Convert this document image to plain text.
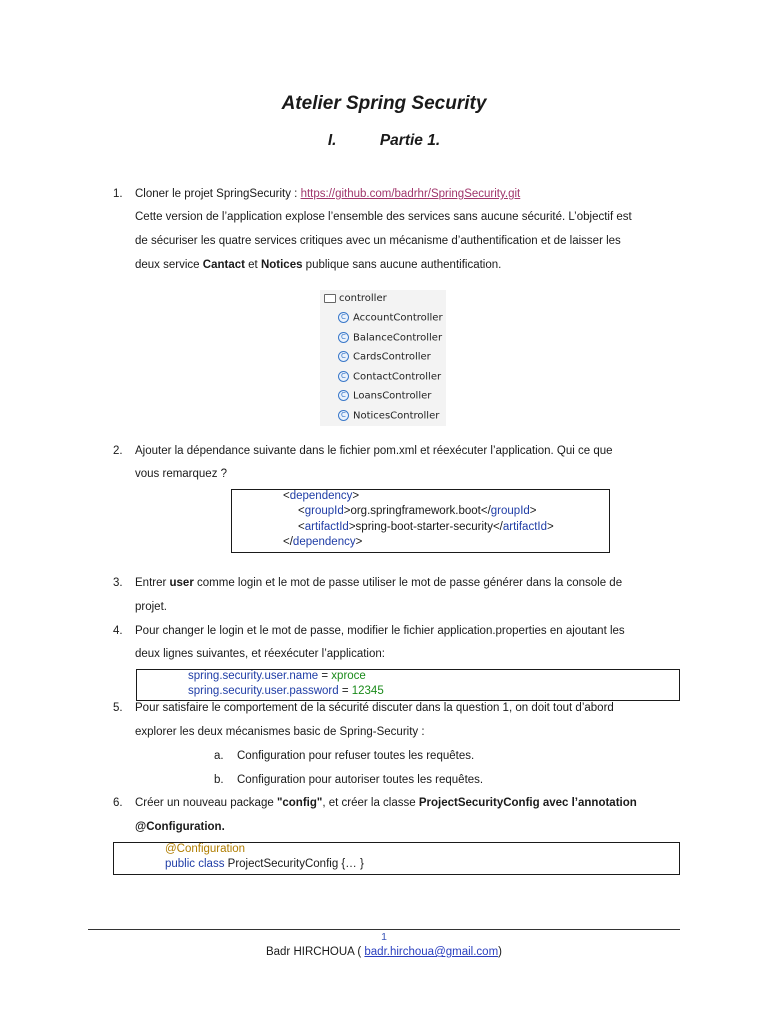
Atelier Spring Security
I.	Partie 1.
1.	Cloner le projet SpringSecurity : https://github.com/badrhr/SpringSecurity.git
Cette version de l’application explose l’ensemble des services sans aucune sécurité. L’objectif est
de sécuriser les quatre services critiques avec un mécanisme d’authentification et de laisser les
deux service Cantact et Notices publique sans aucune authentification.
controller
C AccountController
C BalanceController
C CardsController
C ContactController
C LoansController
C NoticesController
2.	Ajouter la dépendance suivante dans le fichier pom.xml et réexécuter l’application. Qui ce que
vous remarquez ?
<dependency>
<groupId>org.springframework.boot</groupId>
<artifactId>spring-boot-starter-security</artifactId>
</dependency>
3.	Entrer user comme login et le mot de passe utiliser le mot de passe générer dans la console de
projet.
4.	Pour changer le login et le mot de passe, modifier le fichier application.properties en ajoutant les
deux lignes suivantes, et réexécuter l’application:
spring.security.user.name = xproce
spring.security.user.password = 12345
5.	Pour satisfaire le comportement de la sécurité discuter dans la question 1, on doit tout d’abord
explorer les deux mécanismes basic de Spring-Security :
a. Configuration pour refuser toutes les requêtes.
b. Configuration pour autoriser toutes les requêtes.
6.	Créer un nouveau package "config", et créer la classe ProjectSecurityConfig avec l’annotation
@Configuration.
@Configuration
public class ProjectSecurityConfig {… }
1
Badr HIRCHOUA ( badr.hirchoua@gmail.com)
